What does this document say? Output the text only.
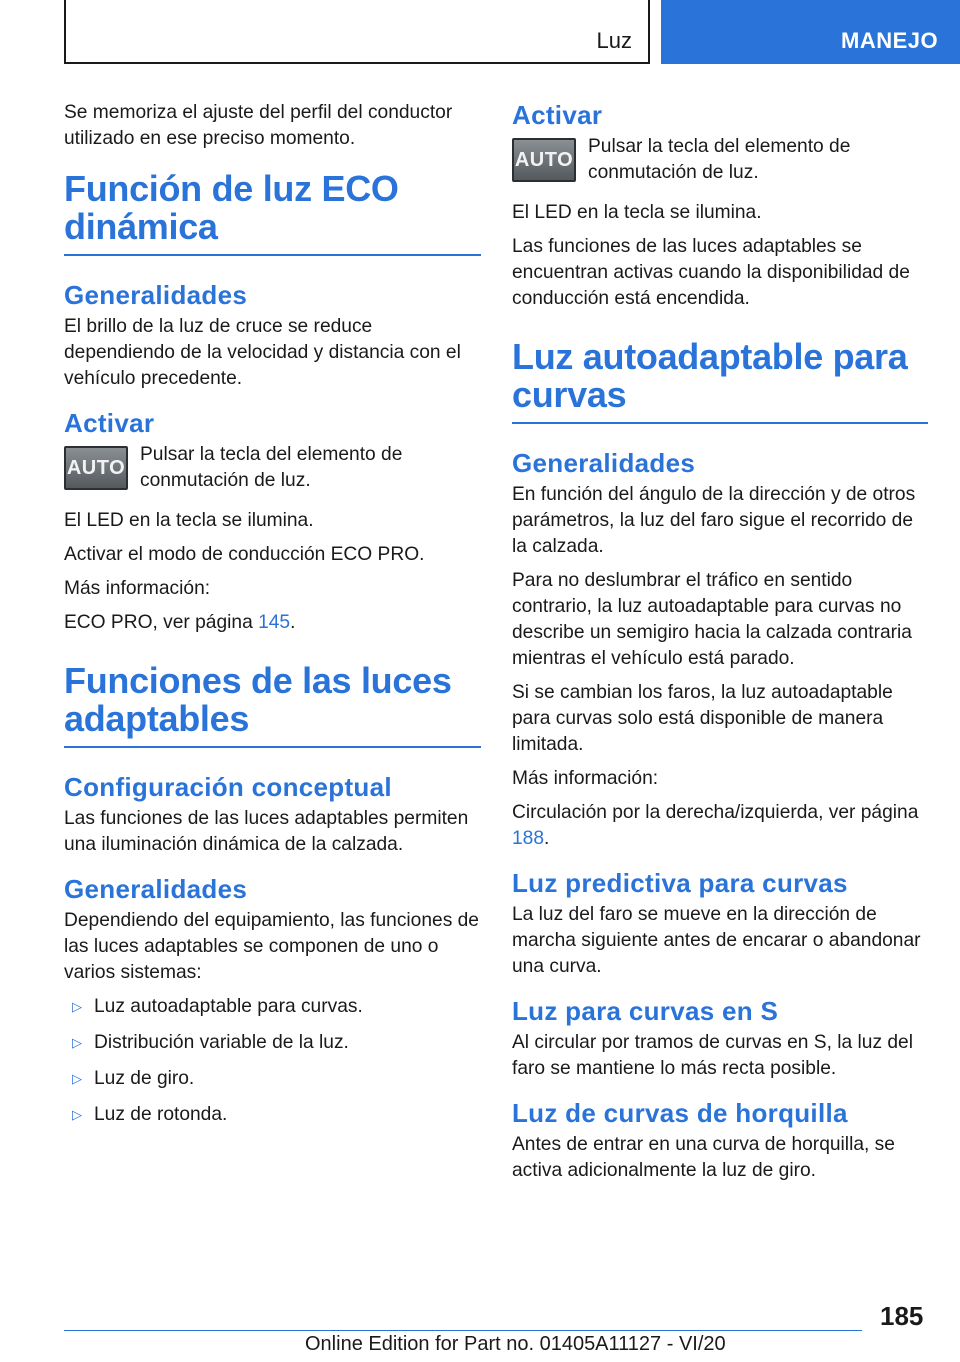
Luz	MANEJO

Se memoriza el ajuste del perfil del conductor utilizado en ese preciso momento.

Función de luz ECO dinámica
Generalidades

El brillo de la luz de cruce se reduce dependiendo de la velocidad y distancia con el vehículo precedente.

Activar
AUTO

Pulsar la tecla del elemento de conmutación de luz.

El LED en la tecla se ilumina.

Activar el modo de conducción ECO PRO.

Más información:

ECO PRO, ver página 145.

Funciones de las luces adaptables
Configuración conceptual

Las funciones de las luces adaptables permiten una iluminación dinámica de la calzada.

Generalidades

Dependiendo del equipamiento, las funciones de las luces adaptables se componen de uno o varios sistemas:

▷ Luz autoadaptable para curvas.
▷ Distribución variable de la luz.
▷ Luz de giro.
▷ Luz de rotonda.
Activar
AUTO

Pulsar la tecla del elemento de conmutación de luz.

El LED en la tecla se ilumina.

Las funciones de las luces adaptables se encuentran activas cuando la disponibilidad de conducción está encendida.

Luz autoadaptable para curvas
Generalidades

En función del ángulo de la dirección y de otros parámetros, la luz del faro sigue el recorrido de la calzada.

Para no deslumbrar el tráfico en sentido contrario, la luz autoadaptable para curvas no describe un semigiro hacia la calzada contraria mientras el vehículo está parado.

Si se cambian los faros, la luz autoadaptable para curvas solo está disponible de manera limitada.

Más información:

Circulación por la derecha/izquierda, ver página 188.

Luz predictiva para curvas

La luz del faro se mueve en la dirección de marcha siguiente antes de encarar o abandonar una curva.

Luz para curvas en S

Al circular por tramos de curvas en S, la luz del faro se mantiene lo más recta posible.

Luz de curvas de horquilla

Antes de entrar en una curva de horquilla, se activa adicionalmente la luz de giro.

185
Online Edition for Part no. 01405A11127 - VI/20
